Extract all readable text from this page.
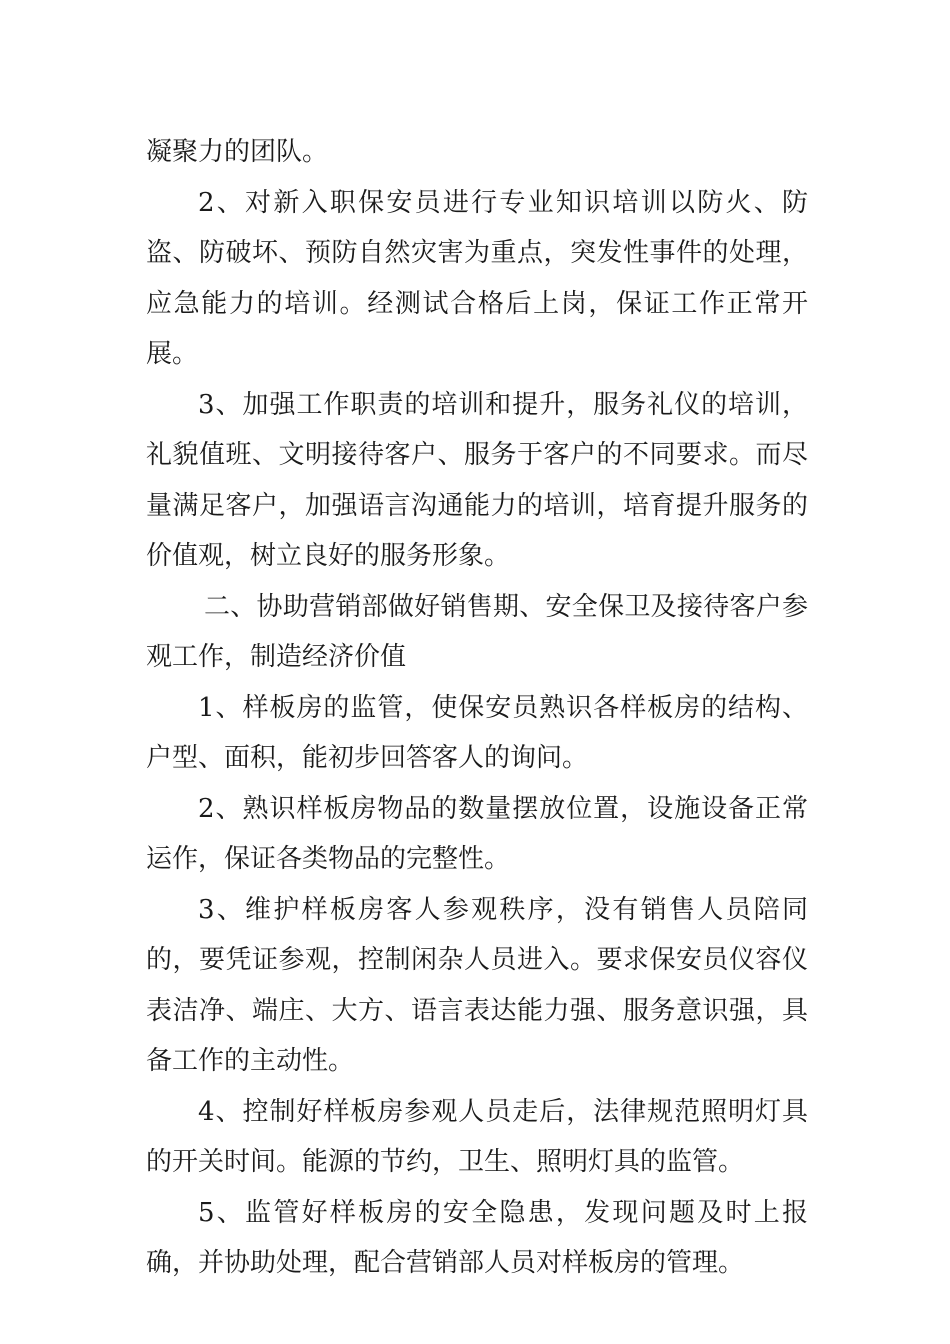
凝聚力的团队。

2、对新入职保安员进行专业知识培训以防火、防盗、防破坏、预防自然灾害为重点，突发性事件的处理，应急能力的培训。经测试合格后上岗，保证工作正常开展。

3、加强工作职责的培训和提升，服务礼仪的培训，礼貌值班、文明接待客户、服务于客户的不同要求。而尽量满足客户，加强语言沟通能力的培训，培育提升服务的价值观，树立良好的服务形象。

二、协助营销部做好销售期、安全保卫及接待客户参观工作，制造经济价值

1、样板房的监管，使保安员熟识各样板房的结构、户型、面积，能初步回答客人的询问。

2、熟识样板房物品的数量摆放位置，设施设备正常运作，保证各类物品的完整性。

3、维护样板房客人参观秩序，没有销售人员陪同的，要凭证参观，控制闲杂人员进入。要求保安员仪容仪表洁净、端庄、大方、语言表达能力强、服务意识强，具备工作的主动性。

4、控制好样板房参观人员走后，法律规范照明灯具的开关时间。能源的节约，卫生、照明灯具的监管。

5、监管好样板房的安全隐患，发现问题及时上报确，并协助处理，配合营销部人员对样板房的管理。
